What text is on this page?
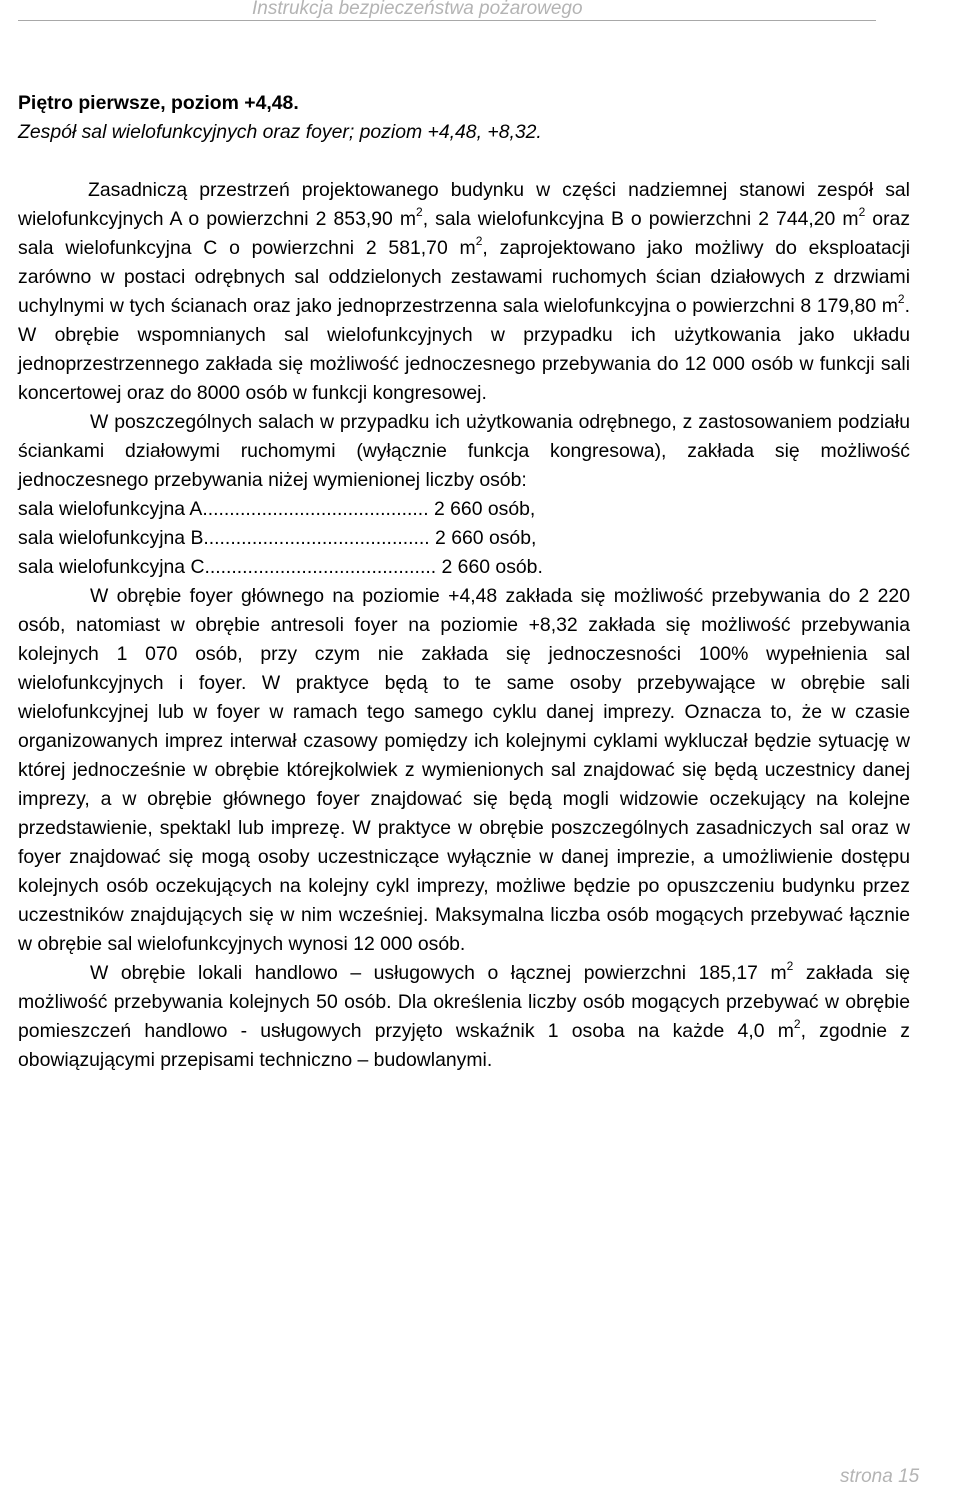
Instrukcja bezpieczeństwa pożarowego

Piętro pierwsze, poziom +4,48.

Zespół sal wielofunkcyjnych oraz foyer; poziom +4,48, +8,32.

Zasadniczą przestrzeń projektowanego budynku w części nadziemnej stanowi zespół sal wielofunkcyjnych A o powierzchni 2 853,90 $m^2$, sala wielofunkcyjna B o powierzchni 2 744,20 $m^2$ oraz sala wielofunkcyjna C o powierzchni 2 581,70 $m^2$, zaprojektowano jako możliwy do eksploatacji zarówno w postaci odrębnych sal oddzielonych zestawami ruchomych ścian działowych z drzwiami uchylnymi w tych ścianach oraz jako jednoprzestrzenna sala wielofunkcyjna o powierzchni 8 179,80 $m^2$. W obrębie wspomnianych sal wielofunkcyjnych w przypadku ich użytkowania jako układu jednoprzestrzennego zakłada się możliwość jednoczesnego przebywania do 12 000 osób w funkcji sali koncertowej oraz do 8000 osób w funkcji kongresowej.

W poszczególnych salach w przypadku ich użytkowania odrębnego, z zastosowaniem podziału ściankami działowymi ruchomymi (wyłącznie funkcja kongresowa), zakłada się możliwość jednoczesnego przebywania niżej wymienionej liczby osób:

sala wielofunkcyjna A.......................................... 2 660 osób,

sala wielofunkcyjna B.......................................... 2 660 osób,

sala wielofunkcyjna C........................................... 2 660 osób.

W obrębie foyer głównego na poziomie +4,48 zakłada się możliwość przebywania do 2 220 osób, natomiast w obrębie antresoli foyer na poziomie +8,32 zakłada się możliwość przebywania kolejnych 1 070 osób, przy czym nie zakłada się jednoczesności 100% wypełnienia sal wielofunkcyjnych i foyer. W praktyce będą to te same osoby przebywające w obrębie sali wielofunkcyjnej lub w foyer w ramach tego samego cyklu danej imprezy. Oznacza to, że w czasie organizowanych imprez interwał czasowy pomiędzy ich kolejnymi cyklami wykluczał będzie sytuację w której jednocześnie w obrębie którejkolwiek z wymienionych sal znajdować się będą uczestnicy danej imprezy, a w obrębie głównego foyer znajdować się będą mogli widzowie oczekujący na kolejne przedstawienie, spektakl lub imprezę. W praktyce w obrębie poszczególnych zasadniczych sal oraz w foyer znajdować się mogą osoby uczestniczące wyłącznie w danej imprezie, a umożliwienie dostępu kolejnych osób oczekujących na kolejny cykl imprezy, możliwe będzie po opuszczeniu budynku przez uczestników znajdujących się w nim wcześniej. Maksymalna liczba osób mogących przebywać łącznie w obrębie sal wielofunkcyjnych wynosi 12 000 osób.

W obrębie lokali handlowo – usługowych o łącznej powierzchni 185,17 $m^2$ zakłada się możliwość przebywania kolejnych 50 osób. Dla określenia liczby osób mogących przebywać w obrębie pomieszczeń handlowo - usługowych przyjęto wskaźnik 1 osoba na każde 4,0 $m^2$, zgodnie z obowiązującymi przepisami techniczno – budowlanymi.

strona 15
